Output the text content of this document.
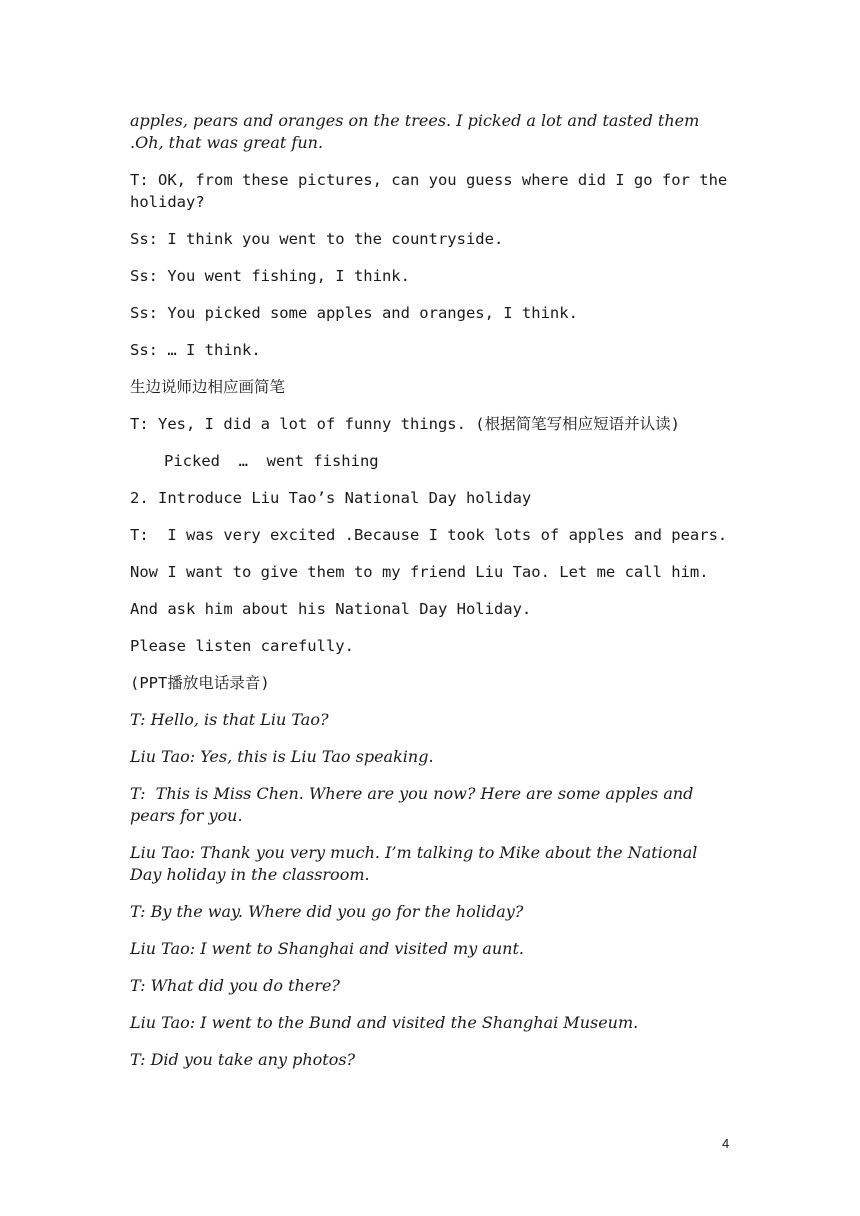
apples, pears and oranges on the trees. I picked a lot and tasted them .Oh, that was great fun.

T: OK, from these pictures, can you guess where did I go for the holiday?

Ss: I think you went to the countryside.

Ss: You went fishing, I think.

Ss: You picked some apples and oranges, I think.

Ss: … I think.

生边说师边相应画简笔

T: Yes, I did a lot of funny things. (根据简笔写相应短语并认读)

Picked  …  went fishing

2. Introduce Liu Tao’s National Day holiday

T:  I was very excited .Because I took lots of apples and pears.

Now I want to give them to my friend Liu Tao. Let me call him.

And ask him about his National Day Holiday.

Please listen carefully.

(PPT播放电话录音)

T: Hello, is that Liu Tao?

Liu Tao: Yes, this is Liu Tao speaking.

T:  This is Miss Chen. Where are you now? Here are some apples and pears for you.

Liu Tao: Thank you very much. I’m talking to Mike about the National Day holiday in the classroom.

T: By the way. Where did you go for the holiday?

Liu Tao: I went to Shanghai and visited my aunt.

T: What did you do there?

Liu Tao: I went to the Bund and visited the Shanghai Museum.

T: Did you take any photos?

4
